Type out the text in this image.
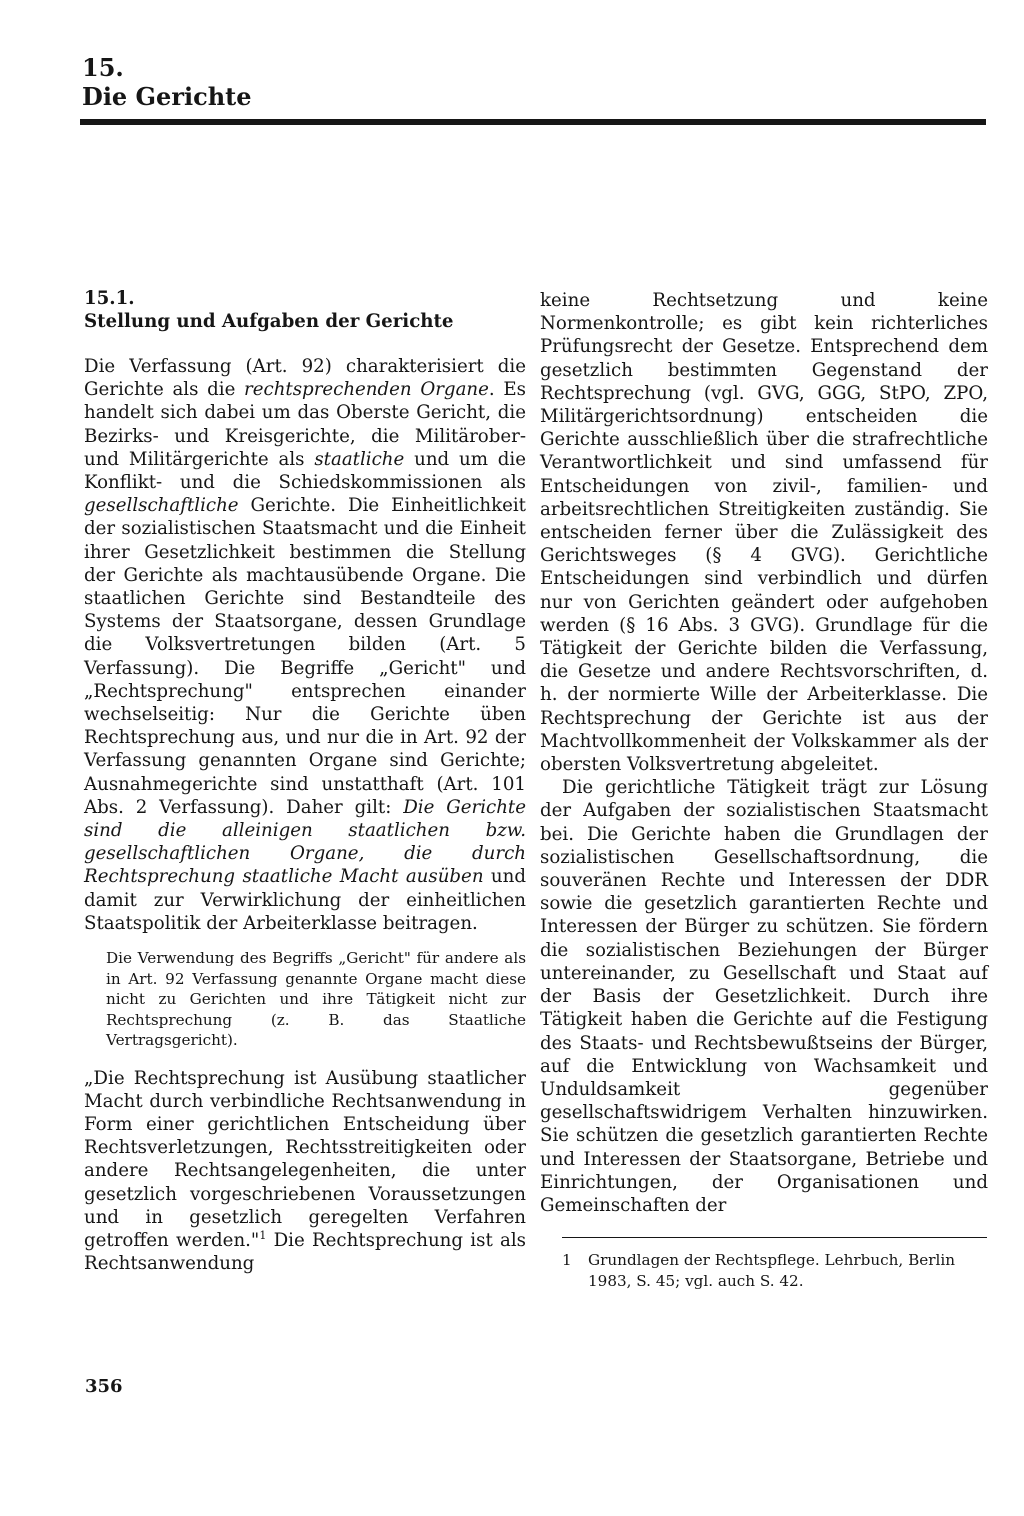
15.
Die Gerichte
15.1.
Stellung und Aufgaben der Gerichte

Die Verfassung (Art. 92) charakterisiert die Gerichte als die rechtsprechenden Organe. Es handelt sich dabei um das Oberste Gericht, die Bezirks- und Kreisgerichte, die Militärober- und Militärgerichte als staatliche und um die Konflikt- und die Schiedskommissionen als gesellschaftliche Gerichte. Die Einheitlichkeit der sozialistischen Staatsmacht und die Einheit ihrer Gesetzlichkeit bestimmen die Stellung der Gerichte als machtausübende Organe. Die staatlichen Gerichte sind Bestandteile des Systems der Staatsorgane, dessen Grundlage die Volksvertretungen bilden (Art. 5 Verfassung). Die Begriffe „Gericht" und „Rechtsprechung" entsprechen einander wechselseitig: Nur die Gerichte üben Rechtsprechung aus, und nur die in Art. 92 der Verfassung genannten Organe sind Gerichte; Ausnahmegerichte sind unstatthaft (Art. 101 Abs. 2 Verfassung). Daher gilt: Die Gerichte sind die alleinigen staatlichen bzw. gesellschaftlichen Organe, die durch Rechtsprechung staatliche Macht ausüben und damit zur Verwirklichung der einheitlichen Staatspolitik der Arbeiterklasse beitragen.

Die Verwendung des Begriffs „Gericht" für andere als in Art. 92 Verfassung genannte Organe macht diese nicht zu Gerichten und ihre Tätigkeit nicht zur Rechtsprechung (z. B. das Staatliche Vertragsgericht).

„Die Rechtsprechung ist Ausübung staatlicher Macht durch verbindliche Rechtsanwendung in Form einer gerichtlichen Entscheidung über Rechtsverletzungen, Rechtsstreitigkeiten oder andere Rechtsangelegenheiten, die unter gesetzlich vorgeschriebenen Voraussetzungen und in gesetzlich geregelten Verfahren getroffen werden."$^1$ Die Rechtsprechung ist als Rechtsanwendung

keine Rechtsetzung und keine Normenkontrolle; es gibt kein richterliches Prüfungsrecht der Gesetze. Entsprechend dem gesetzlich bestimmten Gegenstand der Rechtsprechung (vgl. GVG, GGG, StPO, ZPO, Militärgerichtsordnung) entscheiden die Gerichte ausschließlich über die strafrechtliche Verantwortlichkeit und sind umfassend für Entscheidungen von zivil-, familien- und arbeitsrechtlichen Streitigkeiten zuständig. Sie entscheiden ferner über die Zulässigkeit des Gerichtsweges (§ 4 GVG). Gerichtliche Entscheidungen sind verbindlich und dürfen nur von Gerichten geändert oder aufgehoben werden (§ 16 Abs. 3 GVG). Grundlage für die Tätigkeit der Gerichte bilden die Verfassung, die Gesetze und andere Rechtsvorschriften, d. h. der normierte Wille der Arbeiterklasse. Die Rechtsprechung der Gerichte ist aus der Machtvollkommenheit der Volkskammer als der obersten Volksvertretung abgeleitet.

Die gerichtliche Tätigkeit trägt zur Lösung der Aufgaben der sozialistischen Staatsmacht bei. Die Gerichte haben die Grundlagen der sozialistischen Gesellschaftsordnung, die souveränen Rechte und Interessen der DDR sowie die gesetzlich garantierten Rechte und Interessen der Bürger zu schützen. Sie fördern die sozialistischen Beziehungen der Bürger untereinander, zu Gesellschaft und Staat auf der Basis der Gesetzlichkeit. Durch ihre Tätigkeit haben die Gerichte auf die Festigung des Staats- und Rechtsbewußtseins der Bürger, auf die Entwicklung von Wachsamkeit und Unduldsamkeit gegenüber gesellschaftswidrigem Verhalten hinzuwirken. Sie schützen die gesetzlich garantierten Rechte und Interessen der Staatsorgane, Betriebe und Einrichtungen, der Organisationen und Gemeinschaften der

1	Grundlagen der Rechtspflege. Lehrbuch, Berlin 1983, S. 45; vgl. auch S. 42.
356
